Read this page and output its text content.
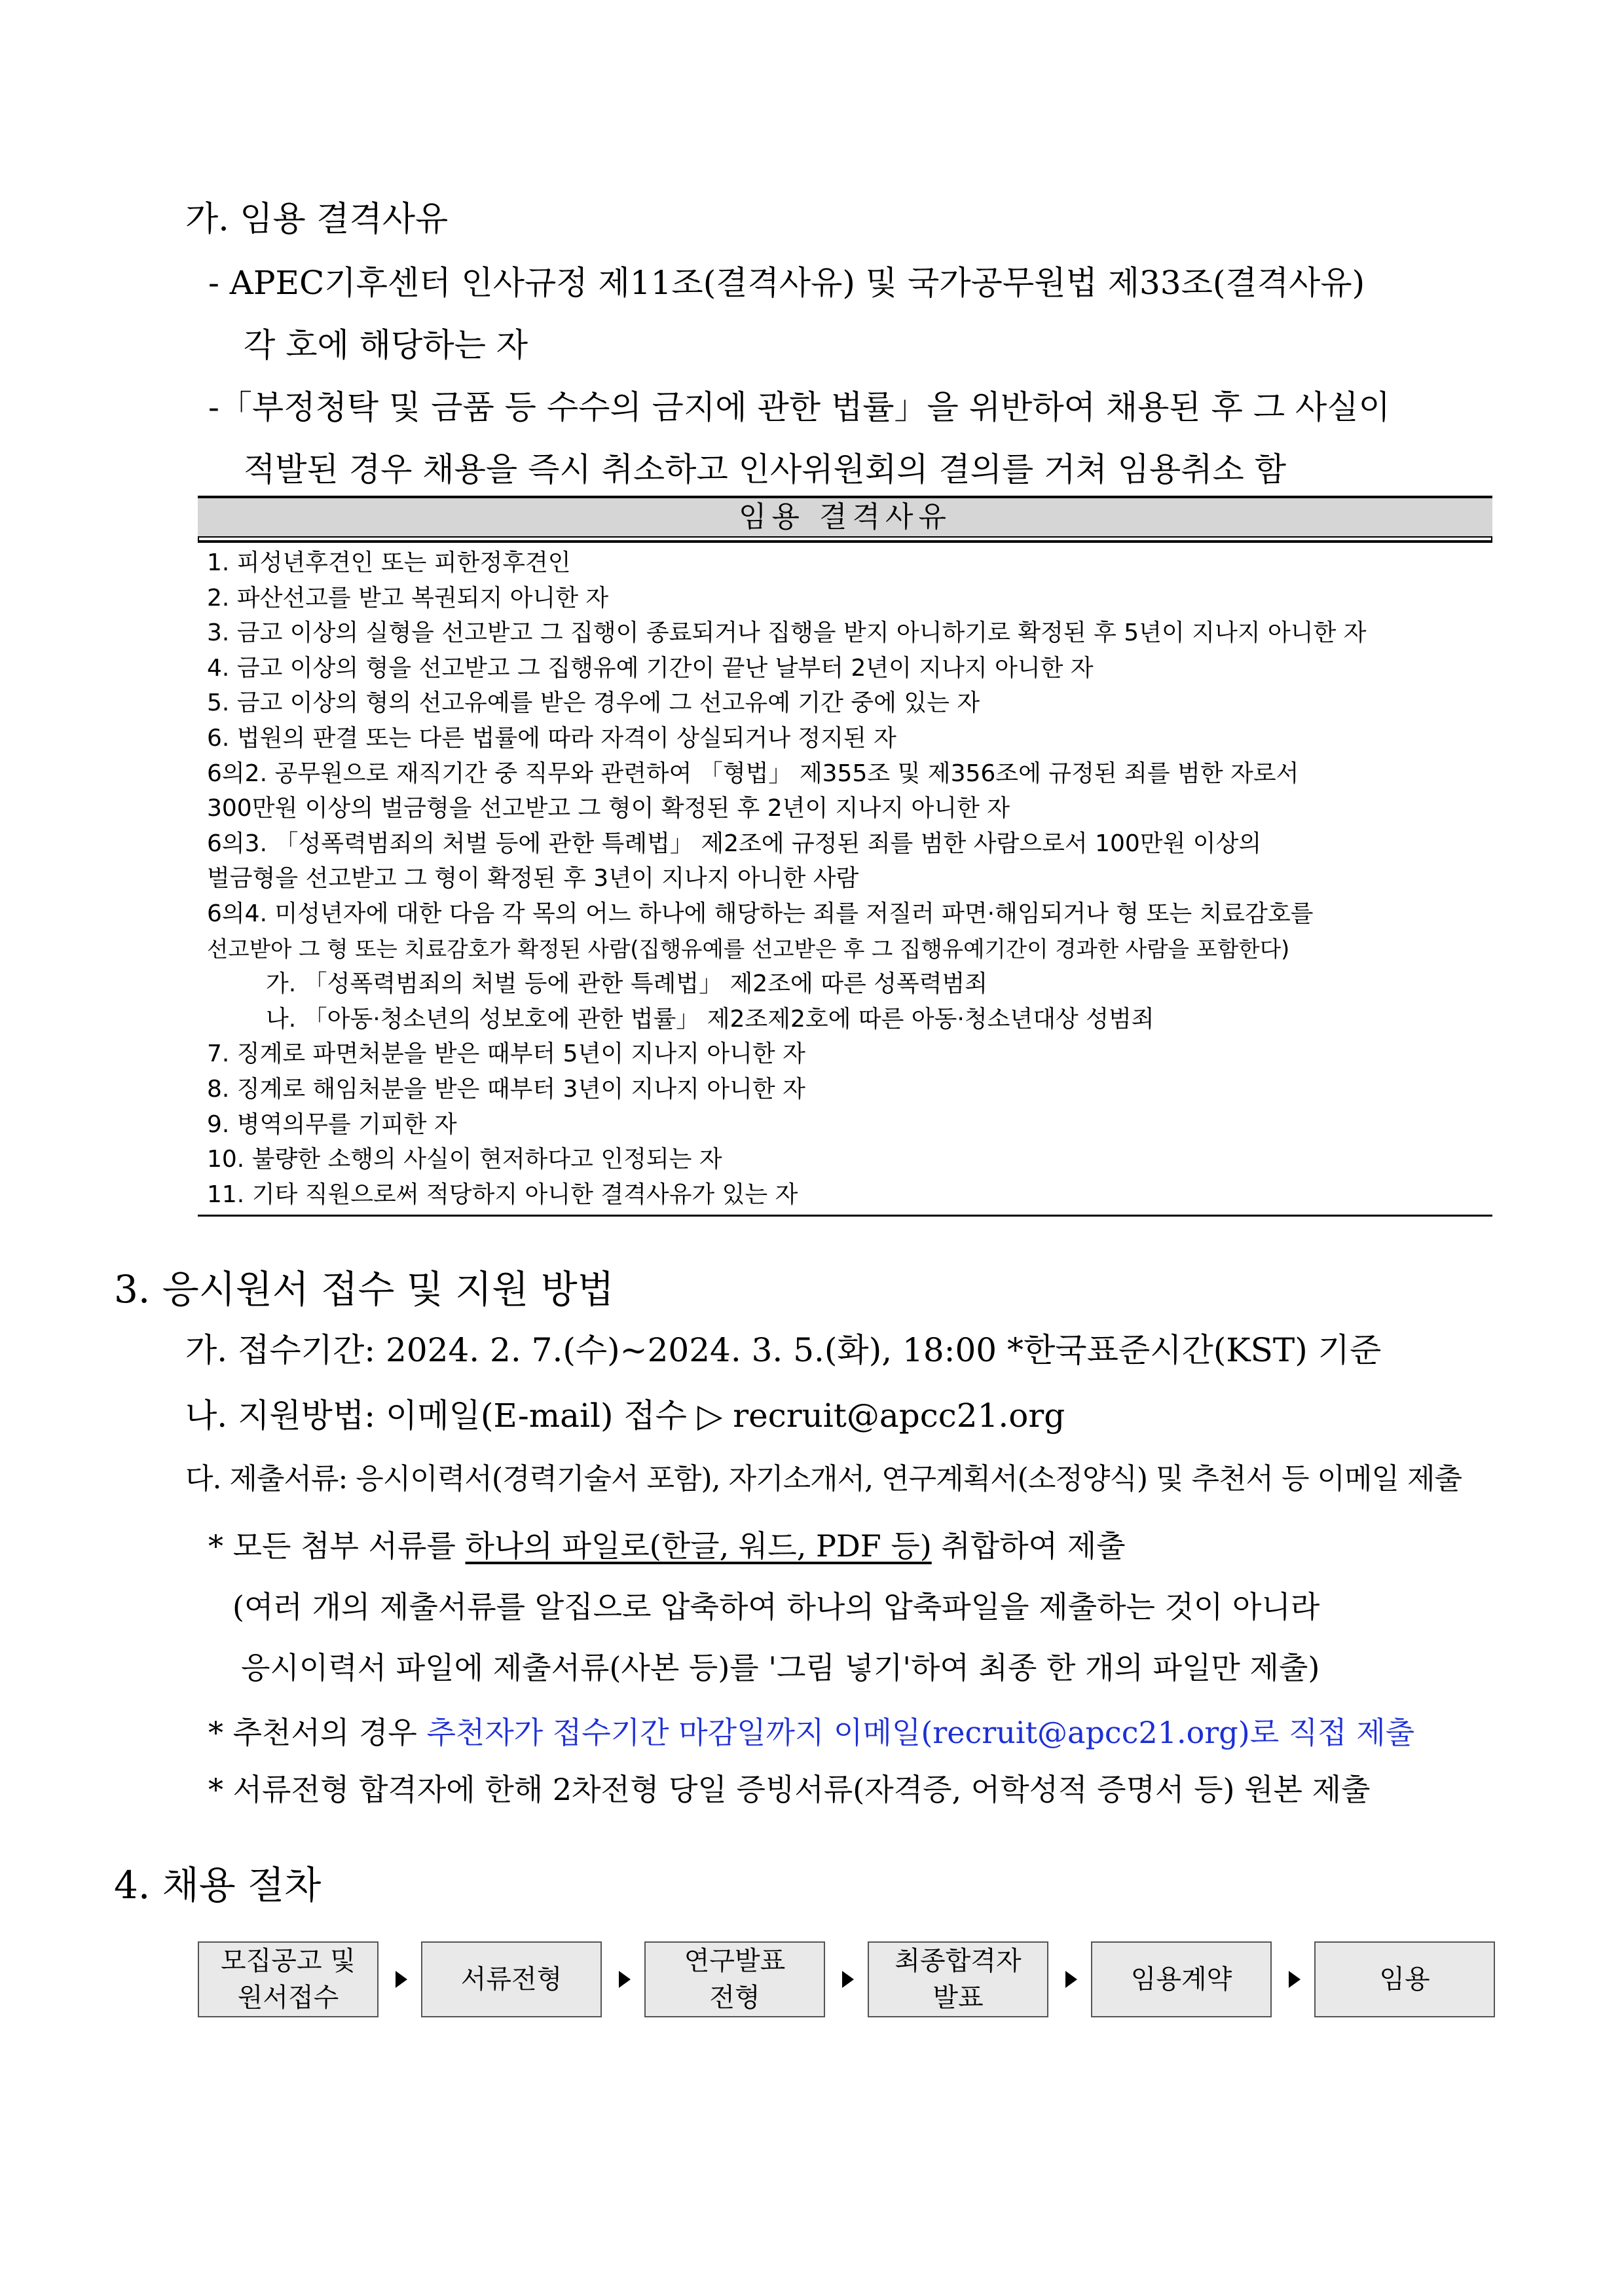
가. 임용 결격사유
- APEC기후센터 인사규정 제11조(결격사유) 및 국가공무원법 제33조(결격사유)
각 호에 해당하는 자
-「부정청탁 및 금품 등 수수의 금지에 관한 법률」을 위반하여 채용된 후 그 사실이
적발된 경우 채용을 즉시 취소하고 인사위원회의 결의를 거쳐 임용취소 함
임용 결격사유
1. 피성년후견인 또는 피한정후견인
2. 파산선고를 받고 복권되지 아니한 자
3. 금고 이상의 실형을 선고받고 그 집행이 종료되거나 집행을 받지 아니하기로 확정된 후 5년이 지나지 아니한 자
4. 금고 이상의 형을 선고받고 그 집행유예 기간이 끝난 날부터 2년이 지나지 아니한 자
5. 금고 이상의 형의 선고유예를 받은 경우에 그 선고유예 기간 중에 있는 자
6. 법원의 판결 또는 다른 법률에 따라 자격이 상실되거나 정지된 자
6의2. 공무원으로 재직기간 중 직무와 관련하여 「형법」 제355조 및 제356조에 규정된 죄를 범한 자로서
300만원 이상의 벌금형을 선고받고 그 형이 확정된 후 2년이 지나지 아니한 자
6의3. 「성폭력범죄의 처벌 등에 관한 특례법」 제2조에 규정된 죄를 범한 사람으로서 100만원 이상의
벌금형을 선고받고 그 형이 확정된 후 3년이 지나지 아니한 사람
6의4. 미성년자에 대한 다음 각 목의 어느 하나에 해당하는 죄를 저질러 파면·해임되거나 형 또는 치료감호를
선고받아 그 형 또는 치료감호가 확정된 사람(집행유예를 선고받은 후 그 집행유예기간이 경과한 사람을 포함한다)
가. 「성폭력범죄의 처벌 등에 관한 특례법」 제2조에 따른 성폭력범죄
나. 「아동·청소년의 성보호에 관한 법률」 제2조제2호에 따른 아동·청소년대상 성범죄
7. 징계로 파면처분을 받은 때부터 5년이 지나지 아니한 자
8. 징계로 해임처분을 받은 때부터 3년이 지나지 아니한 자
9. 병역의무를 기피한 자
10. 불량한 소행의 사실이 현저하다고 인정되는 자
11. 기타 직원으로써 적당하지 아니한 결격사유가 있는 자
3. 응시원서 접수 및 지원 방법
가. 접수기간: 2024. 2. 7.(수)~2024. 3. 5.(화), 18:00 *한국표준시간(KST) 기준
나. 지원방법: 이메일(E-mail) 접수 ▷ recruit@apcc21.org
다. 제출서류: 응시이력서(경력기술서 포함), 자기소개서, 연구계획서(소정양식) 및 추천서 등 이메일 제출
* 모든 첨부 서류를 하나의 파일로(한글, 워드, PDF 등) 취합하여 제출
(여러 개의 제출서류를 알집으로 압축하여 하나의 압축파일을 제출하는 것이 아니라
응시이력서 파일에 제출서류(사본 등)를 '그림 넣기'하여 최종 한 개의 파일만 제출)
* 추천서의 경우 추천자가 접수기간 마감일까지 이메일(recruit@apcc21.org)로 직접 제출
* 서류전형 합격자에 한해 2차전형 당일 증빙서류(자격증, 어학성적 증명서 등) 원본 제출
4. 채용 절차
모집공고 및
원서접수
서류전형
연구발표
전형
최종합격자
발표
임용계약	임용
